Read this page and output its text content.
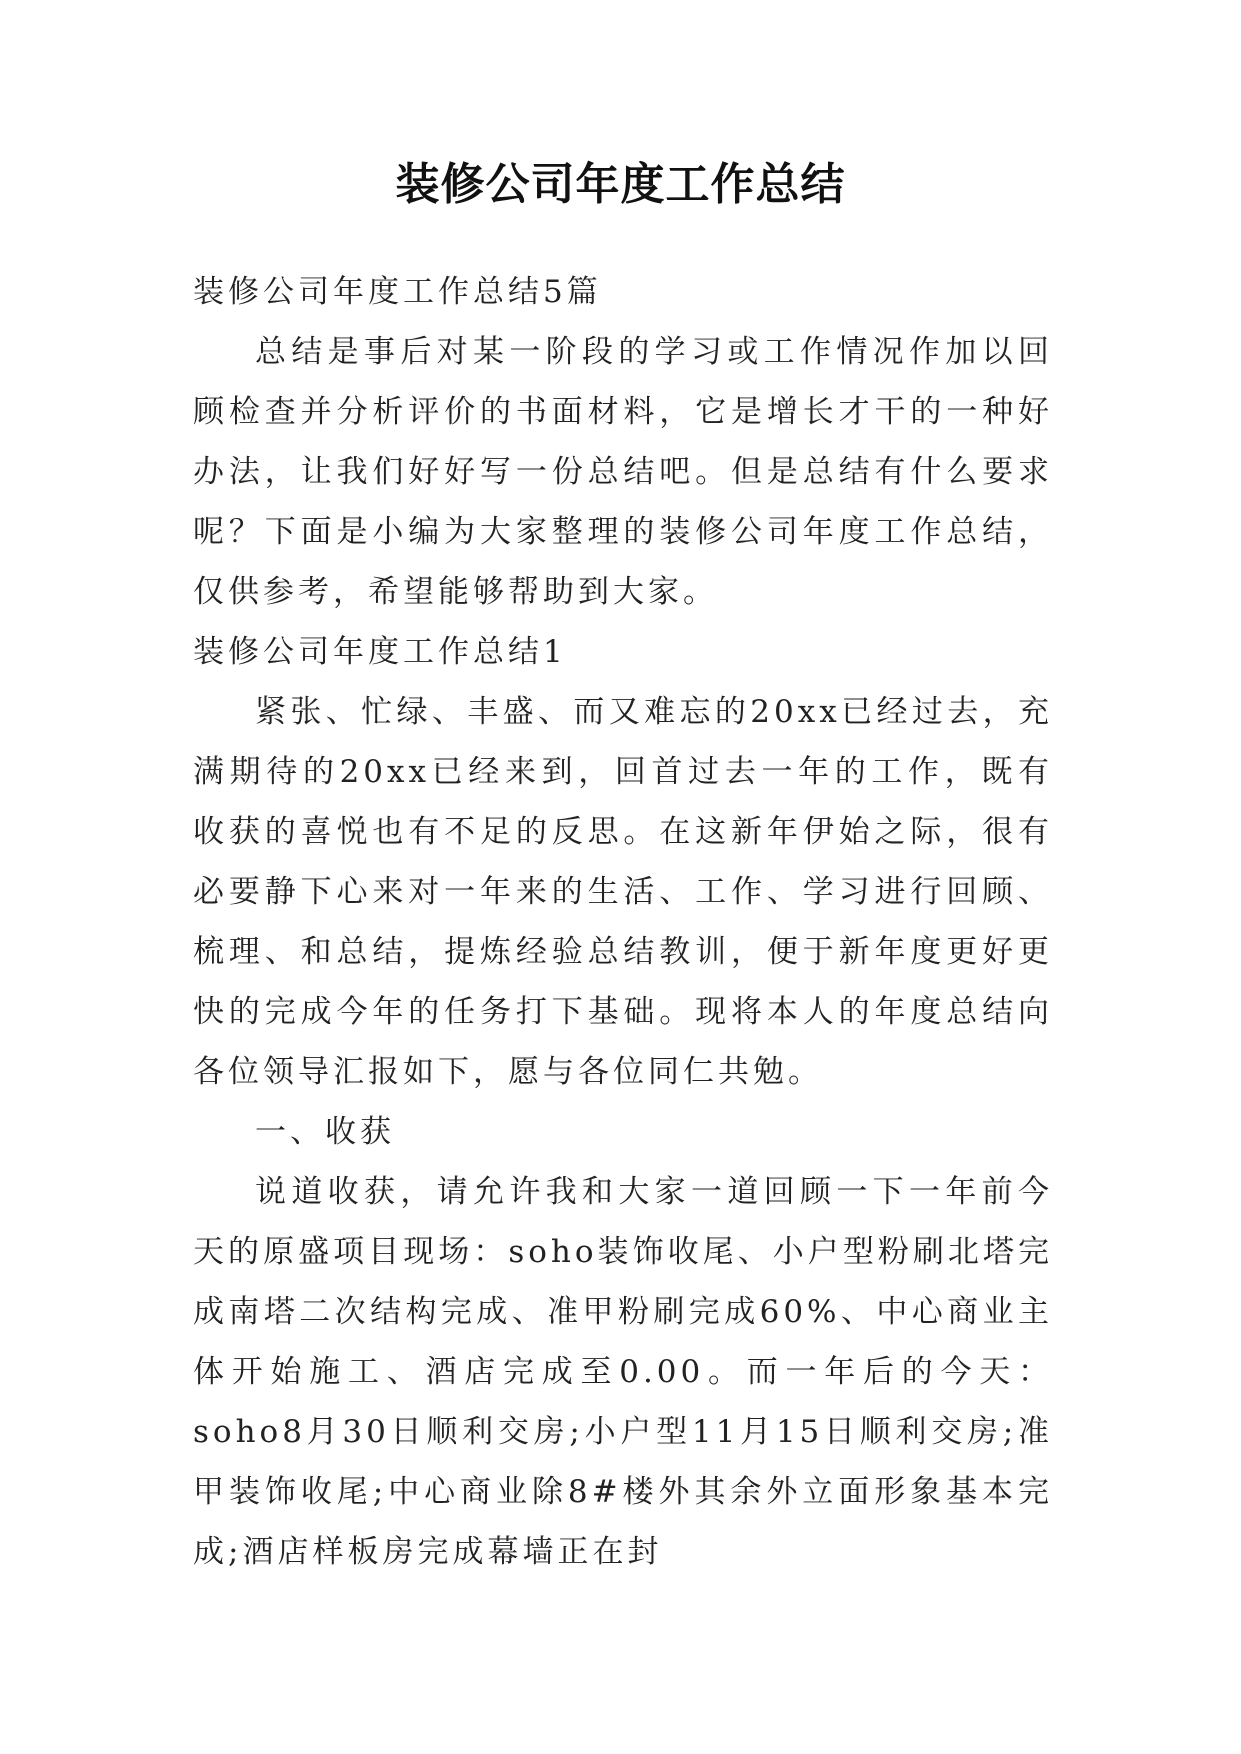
装修公司年度工作总结
装修公司年度工作总结5篇

总结是事后对某一阶段的学习或工作情况作加以回顾检查并分析评价的书面材料，它是增长才干的一种好办法，让我们好好写一份总结吧。但是总结有什么要求呢？下面是小编为大家整理的装修公司年度工作总结，仅供参考，希望能够帮助到大家。

装修公司年度工作总结1

紧张、忙绿、丰盛、而又难忘的20xx已经过去，充满期待的20xx已经来到，回首过去一年的工作，既有收获的喜悦也有不足的反思。在这新年伊始之际，很有必要静下心来对一年来的生活、工作、学习进行回顾、梳理、和总结，提炼经验总结教训，便于新年度更好更快的完成今年的任务打下基础。现将本人的年度总结向各位领导汇报如下，愿与各位同仁共勉。

一、收获

说道收获，请允许我和大家一道回顾一下一年前今天的原盛项目现场：soho装饰收尾、小户型粉刷北塔完成南塔二次结构完成、准甲粉刷完成60%、中心商业主体开始施工、酒店完成至0.00。而一年后的今天：soho8月30日顺利交房;小户型11月15日顺利交房;准甲装饰收尾;中心商业除8#楼外其余外立面形象基本完成;酒店样板房完成幕墙正在封
